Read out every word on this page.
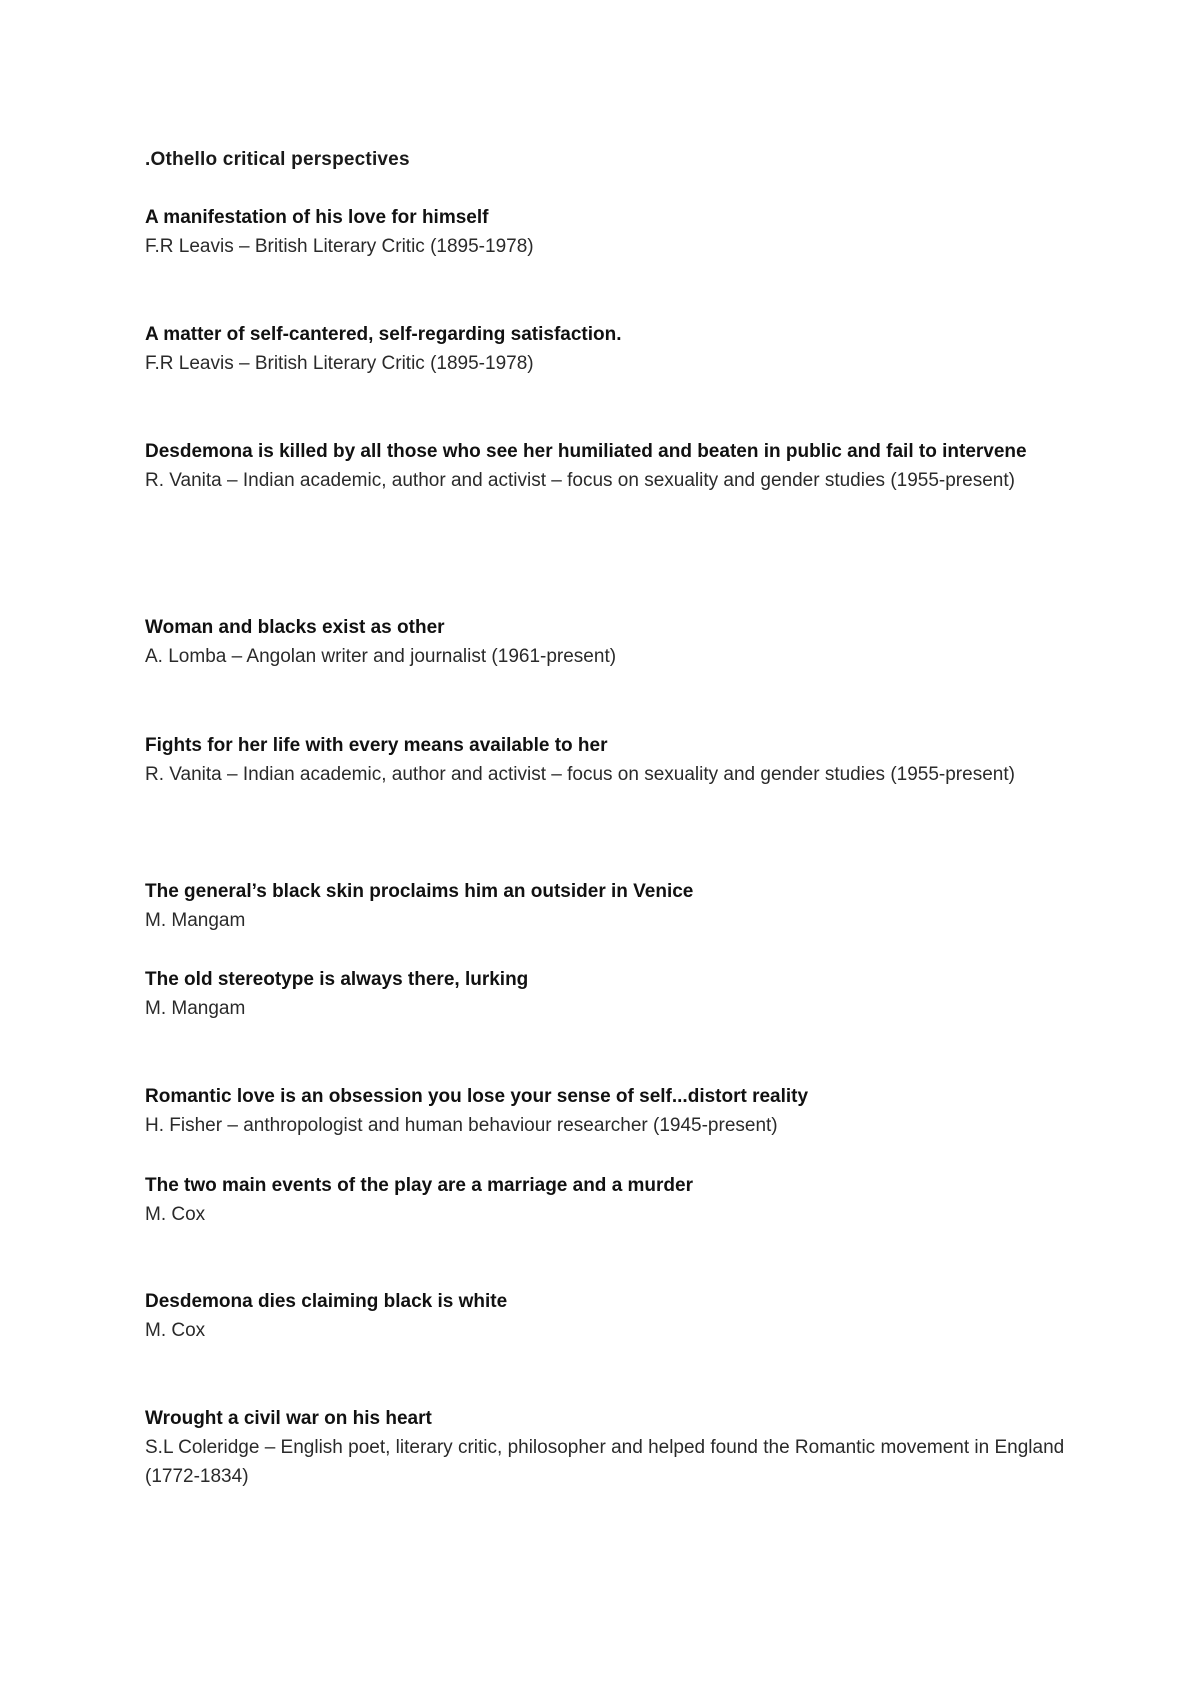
.Othello critical perspectives

A manifestation of his love for himself

F.R Leavis – British Literary Critic (1895-1978)

A matter of self-cantered, self-regarding satisfaction.

F.R Leavis – British Literary Critic (1895-1978)

Desdemona is killed by all those who see her humiliated and beaten in public and fail to intervene

R. Vanita – Indian academic, author and activist – focus on sexuality and gender studies (1955-present)

Woman and blacks exist as other

A. Lomba – Angolan writer and journalist (1961-present)

Fights for her life with every means available to her

R. Vanita – Indian academic, author and activist – focus on sexuality and gender studies (1955-present)

The general’s black skin proclaims him an outsider in Venice

M. Mangam

The old stereotype is always there, lurking

M. Mangam

Romantic love is an obsession you lose your sense of self...distort reality

H. Fisher – anthropologist and human behaviour researcher (1945-present)

The two main events of the play are a marriage and a murder

M. Cox

Desdemona dies claiming black is white

M. Cox

Wrought a civil war on his heart

S.L Coleridge – English poet, literary critic, philosopher and helped found the Romantic movement in England (1772-1834)
